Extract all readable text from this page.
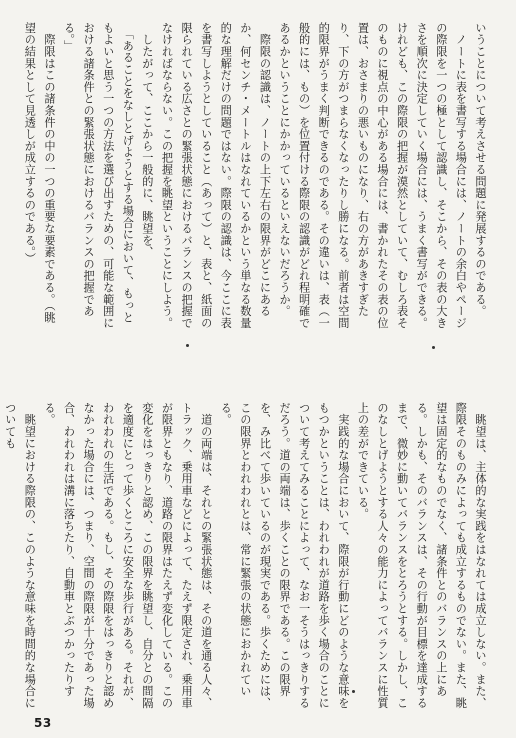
いうことについて考えさせる問題に発展するのである。
　ノートに表を書写する場合には、ノートの余白やページの際限を一つの極として認識し、そこから、その表の大きさを順次に決定していく場合には、うまく書写ができる。けれども、この際限の把握が漠然としていて、むしろ表そのものに視点の中心がある場合には、書かれたその表の位置は、おさまりの悪いものになり、右の方があきすぎたり、下の方がつまらなくなったりし勝になる。前者は空間的限界がうまく判断できるのである。その違いは、表（一般的には、もの）を位置付ける際限の認識がどれ程明確であるかということにかかっているといえないだろうか。
　際限の認識は、ノートの上下左右の限界がどこにあるか、何センチ・メートルはなれているかという単なる数量的な理解だけの問題ではない。際限の認識は、今ここに表を書写しようとしていること（あって）と、表と、紙面の限られている広さとの緊張状態におけるバランスの把握でなければならない。この把握を眺望ということにしよう。
　したがって、ここから一般的に、眺望を、
　「あることをなしとげようとする場合において、もっともよいと思う一つの方法を選び出すための、可能な範囲における諸条件との緊張状態におけるバランスの把握である。」
　際限はこの諸条件の中の一つの重要な要素である。（眺望の結果として見透しが成立するのである。）
　眺望は、主体的な実践をはなれては成立しない。また、際限そのものみによっても成立するものでない。また、眺望は固定的なものでなく、諸条件とのバランスの上にある。しかも、そのバランスは、その行動が目標を達成するまで、微妙に動いてバランスをとろうとする。しかし、このなしとげようとする人々の能力によってバランスに性質上の差ができている。
　実践的な場合において、際限が行動にどのような意味をもつかということは、われわれが道路を歩く場合のことについて考えてみることによって、なお一そうはっきりするだろう。道の両端は、歩くことの限界である。この限界を、み比べて歩いているのが現実である。歩くためには、この限界とわれわれとは、常に緊張の状態におかれている。
　道の両端は、それとの緊張状態は、その道を通る人々、トラック、乗用車などによって、たえず限定され、乗用車が限界ともなり、道路の限界はたえず変化している。この変化をはっきりと認め、この限界を眺望し、自分との間隔を適度にとって歩くところに安全な歩行がある。それが、われわれの生活である。もし、その際限をはっきりと認めなかった場合には、つまり、空間の際限が十分であった場合、われわれは溝に落ちたり、自動車とぶつかったりする。
　眺望における際限の、このような意味を時間的な場合についても
53
